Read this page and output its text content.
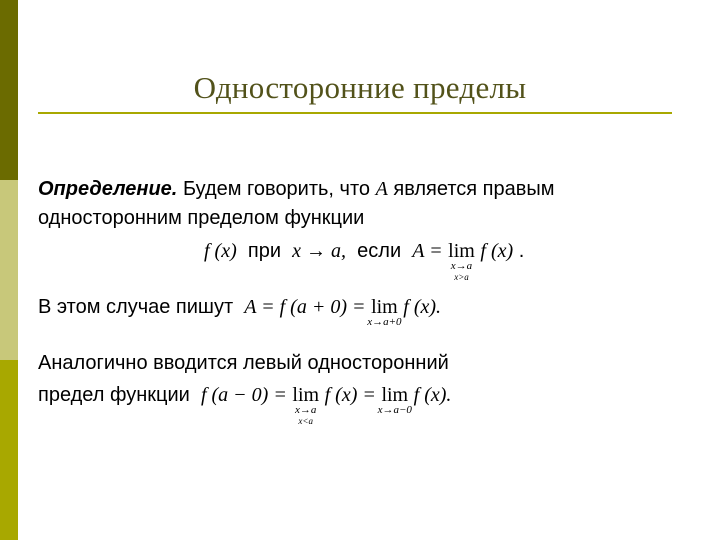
Односторонние пределы
Определение. Будем говорить, что A является правым
односторонним пределом функции
f (x) при x → a, если A = lim
x→a
x>a
f (x) .
В этом случае пишут A = f (a + 0) = lim
x→a+0
f (x).
Аналогично вводится левый односторонний
предел функции f (a − 0) = lim
x→a
x<a
f (x) = lim
x→a−0
f (x).
